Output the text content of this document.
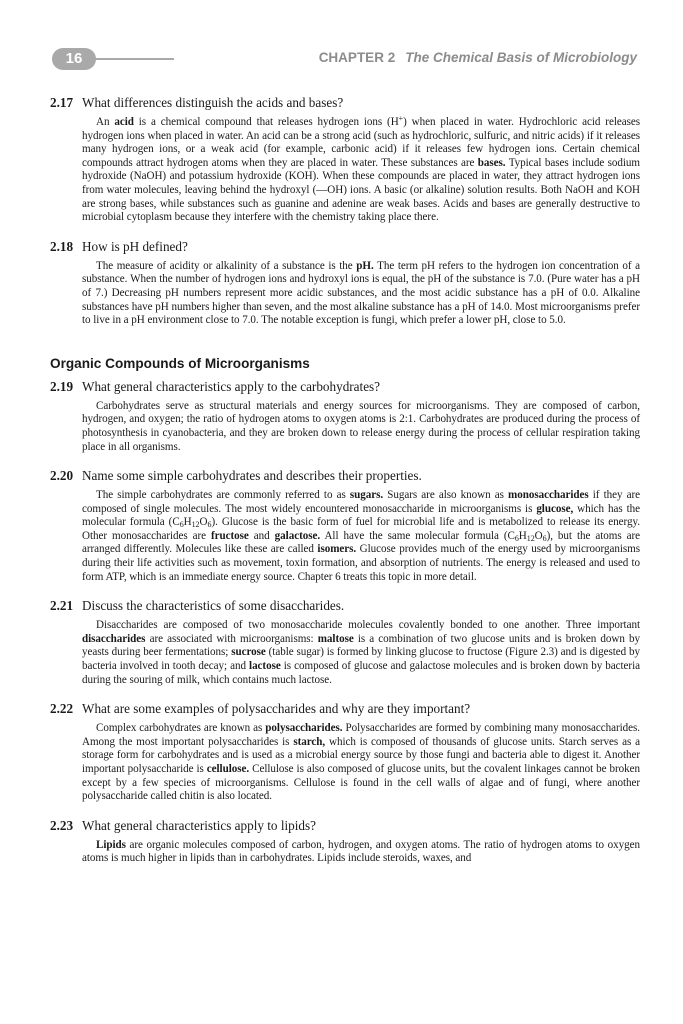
16	CHAPTER 2 The Chemical Basis of Microbiology
2.17 What differences distinguish the acids and bases?
An acid is a chemical compound that releases hydrogen ions (H+) when placed in water. Hydrochloric acid releases hydrogen ions when placed in water. An acid can be a strong acid (such as hydrochloric, sulfuric, and nitric acids) if it releases many hydrogen ions, or a weak acid (for example, carbonic acid) if it releases few hydrogen ions. Certain chemical compounds attract hydrogen atoms when they are placed in water. These substances are bases. Typical bases include sodium hydroxide (NaOH) and potassium hydroxide (KOH). When these compounds are placed in water, they attract hydrogen ions from water molecules, leaving behind the hydroxyl (—OH) ions. A basic (or alkaline) solution results. Both NaOH and KOH are strong bases, while substances such as guanine and adenine are weak bases. Acids and bases are generally destructive to microbial cytoplasm because they interfere with the chemistry taking place there.
2.18 How is pH defined?
The measure of acidity or alkalinity of a substance is the pH. The term pH refers to the hydrogen ion concentration of a substance. When the number of hydrogen ions and hydroxyl ions is equal, the pH of the substance is 7.0. (Pure water has a pH of 7.) Decreasing pH numbers represent more acidic substances, and the most acidic substance has a pH of 0.0. Alkaline substances have pH numbers higher than seven, and the most alkaline substance has a pH of 14.0. Most microorganisms prefer to live in a pH environment close to 7.0. The notable exception is fungi, which prefer a lower pH, close to 5.0.
Organic Compounds of Microorganisms
2.19 What general characteristics apply to the carbohydrates?
Carbohydrates serve as structural materials and energy sources for microorganisms. They are composed of carbon, hydrogen, and oxygen; the ratio of hydrogen atoms to oxygen atoms is 2:1. Carbohydrates are produced during the process of photosynthesis in cyanobacteria, and they are broken down to release energy during the process of cellular respiration taking place in all organisms.
2.20 Name some simple carbohydrates and describes their properties.
The simple carbohydrates are commonly referred to as sugars. Sugars are also known as monosaccharides if they are composed of single molecules. The most widely encountered monosaccharide in microorganisms is glucose, which has the molecular formula $(C_6H_{12}O_6)$. Glucose is the basic form of fuel for microbial life and is metabolized to release its energy. Other monosaccharides are fructose and galactose. All have the same molecular formula $(C_6H_{12}O_6)$, but the atoms are arranged differently. Molecules like these are called isomers. Glucose provides much of the energy used by microorganisms during their life activities such as movement, toxin formation, and absorption of nutrients. The energy is released and used to form ATP, which is an immediate energy source. Chapter 6 treats this topic in more detail.
2.21 Discuss the characteristics of some disaccharides.
Disaccharides are composed of two monosaccharide molecules covalently bonded to one another. Three important disaccharides are associated with microorganisms: maltose is a combination of two glucose units and is broken down by yeasts during beer fermentations; sucrose (table sugar) is formed by linking glucose to fructose (Figure 2.3) and is digested by bacteria involved in tooth decay; and lactose is composed of glucose and galactose molecules and is broken down by bacteria during the souring of milk, which contains much lactose.
2.22 What are some examples of polysaccharides and why are they important?
Complex carbohydrates are known as polysaccharides. Polysaccharides are formed by combining many monosaccharides. Among the most important polysaccharides is starch, which is composed of thousands of glucose units. Starch serves as a storage form for carbohydrates and is used as a microbial energy source by those fungi and bacteria able to digest it. Another important polysaccharide is cellulose. Cellulose is also composed of glucose units, but the covalent linkages cannot be broken except by a few species of microorganisms. Cellulose is found in the cell walls of algae and of fungi, where another polysaccharide called chitin is also located.
2.23 What general characteristics apply to lipids?
Lipids are organic molecules composed of carbon, hydrogen, and oxygen atoms. The ratio of hydrogen atoms to oxygen atoms is much higher in lipids than in carbohydrates. Lipids include steroids, waxes, and
